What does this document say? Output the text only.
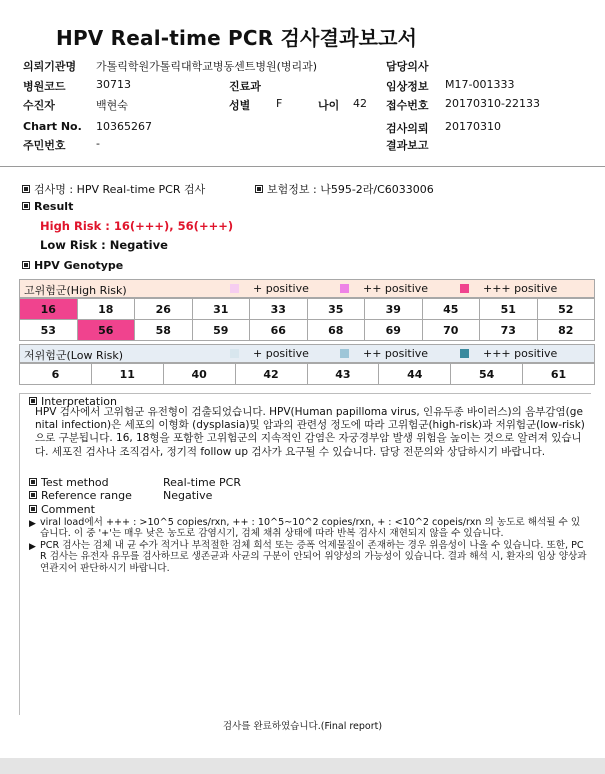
HPV Real-time PCR 검사결과보고서
의뢰기관명 가톨릭학원가톨릭대학교병동센트병원(병리과)	담당의사
병원코드	30713	진료과	임상정보 M17-001333
수진자	백현숙	성별 F	나이 42 접수번호 20170310-22133
Chart No. 10365267	검사의뢰 20170310
주민번호	-	결과보고
검사명 : HPV Real-time PCR 검사	보험정보 : 나595-2라/C6033006
Result
High Risk : 16(+++), 56(+++)
Low Risk : Negative
HPV Genotype
고위험군(High Risk)	+ positive	++ positive	+++ positive
16	18	26	31	33	35	39	45	51	52
53	56	58	59	66	68	69	70	73	82
저위험군(Low Risk)	+ positive	++ positive	+++ positive
6	11	40	42	43	44	54	61
Interpretation
HPV 검사에서 고위험군 유전형이 검출되었습니다. HPV(Human papilloma virus, 인유두종 바이러스)의 음부감염(genital infection)은 세포의 이형화 (dysplasia)및 암과의 관련성 정도에 따라 고위험군(high-risk)과 저위험군(low-risk)으로 구분됩니다. 16, 18형을 포함한 고위험군의 지속적인 감염은 자궁경부암 발생 위험을 높이는 것으로 알려져 있습니다. 세포진 검사나 조직검사, 정기적 follow up 검사가 요구될 수 있습니다. 담당 전문의와 상담하시기 바랍니다.
Test method	Real-time PCR
Reference range	Negative
Comment
▶ viral load에서 +++ : >10^5 copies/rxn, ++ : 10^5~10^2 copies/rxn, + : <10^2 copeis/rxn 의 농도로 해석될 수 있습니다. 이 중 '+'는 매우 낮은 농도로 감염시기, 검체 채취 상태에 따라 반복 검사시 재현되지 않을 수 있습니다.
▶ PCR 검사는 검체 내 균 수가 적거나 부적절한 검체 희석 또는 증폭 억제물질이 존재하는 경우 위음성이 나올 수 있습니다. 또한, PCR 검사는 유전자 유무를 검사하므로 생존균과 사균의 구분이 안되어 위양성의 가능성이 있습니다. 결과 해석 시, 환자의 임상 양상과 연관지어 판단하시기 바랍니다.
검사를 완료하였습니다.(Final report)
